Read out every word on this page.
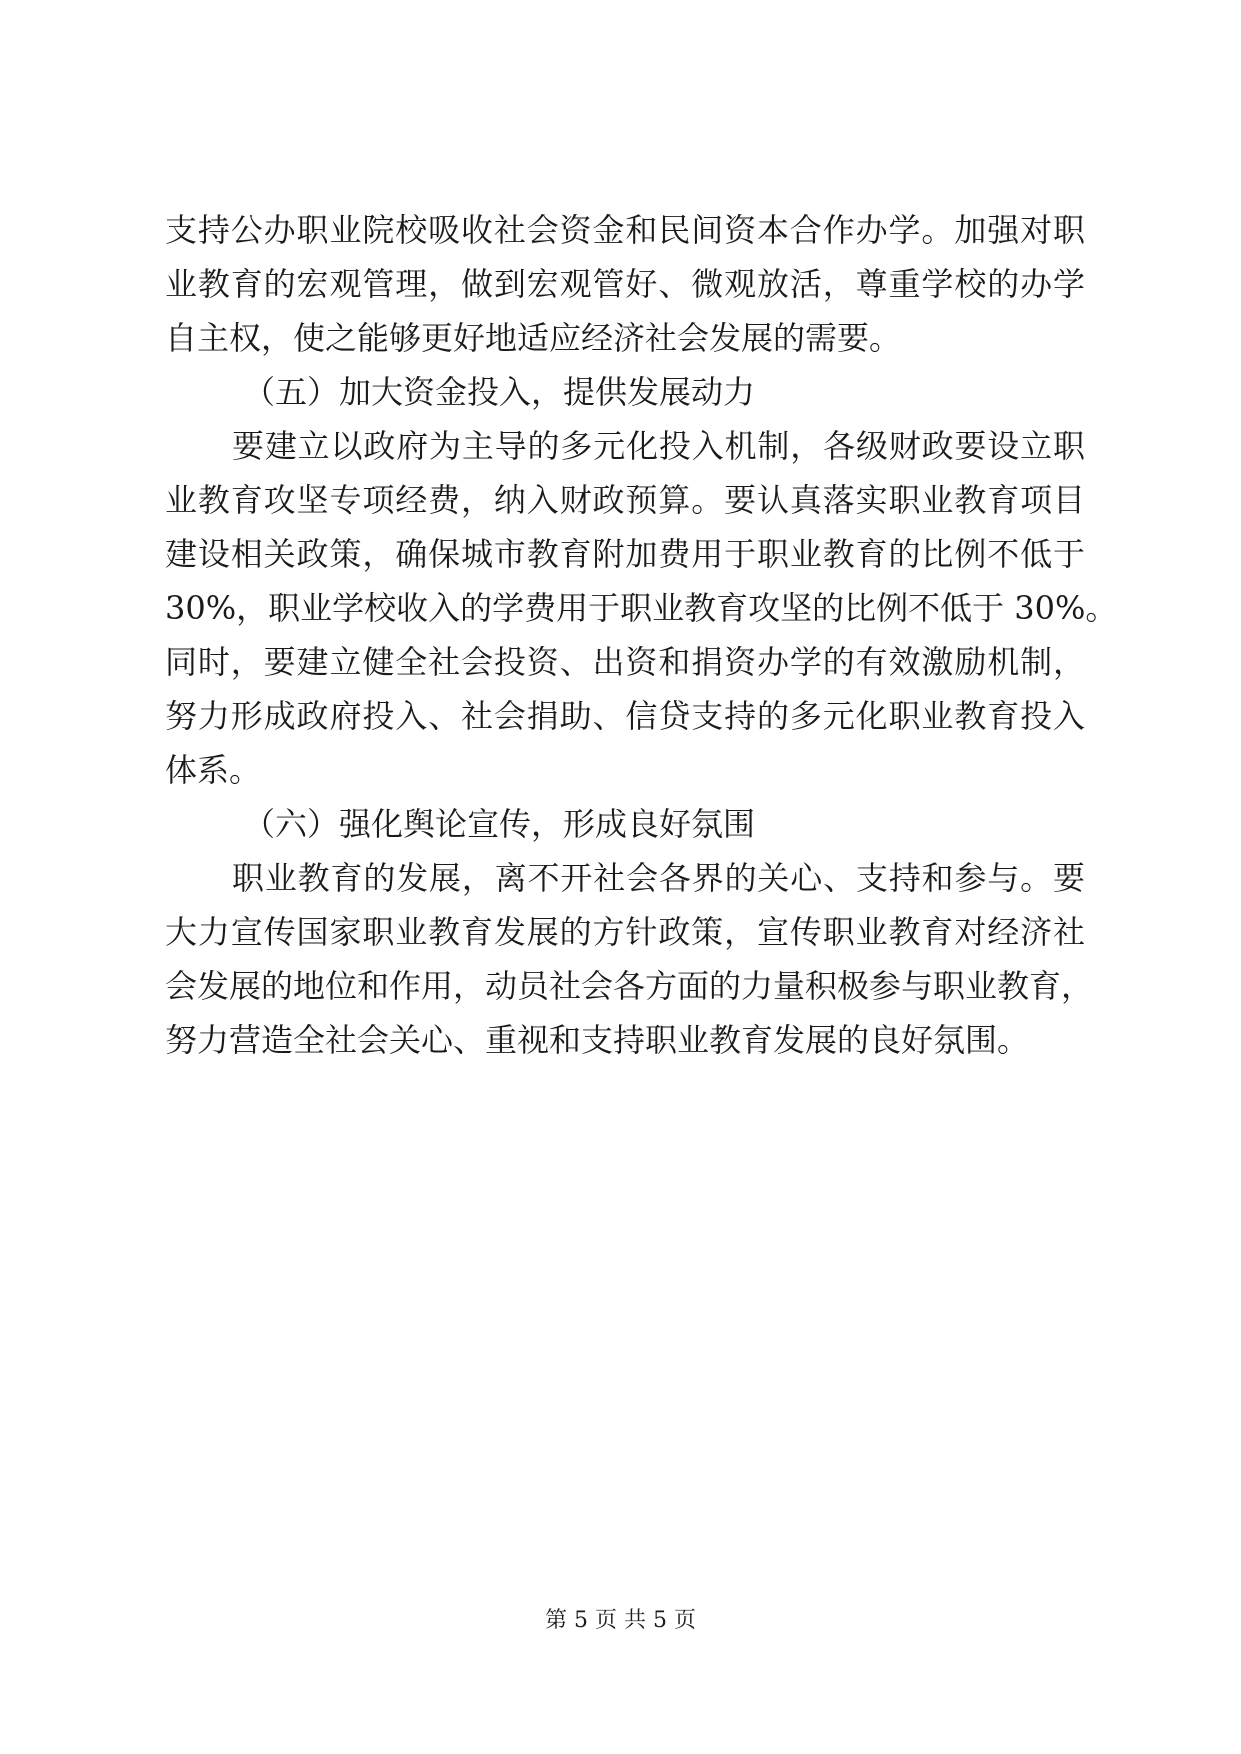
支持公办职业院校吸收社会资金和民间资本合作办学。加强对职
业教育的宏观管理，做到宏观管好、微观放活，尊重学校的办学
自主权，使之能够更好地适应经济社会发展的需要。
（五）加大资金投入，提供发展动力
要建立以政府为主导的多元化投入机制，各级财政要设立职
业教育攻坚专项经费，纳入财政预算。要认真落实职业教育项目
建设相关政策，确保城市教育附加费用于职业教育的比例不低于
30%，职业学校收入的学费用于职业教育攻坚的比例不低于 30%。
同时，要建立健全社会投资、出资和捐资办学的有效激励机制，
努力形成政府投入、社会捐助、信贷支持的多元化职业教育投入
体系。
（六）强化舆论宣传，形成良好氛围
职业教育的发展，离不开社会各界的关心、支持和参与。要
大力宣传国家职业教育发展的方针政策，宣传职业教育对经济社
会发展的地位和作用，动员社会各方面的力量积极参与职业教育，
努力营造全社会关心、重视和支持职业教育发展的良好氛围。
第 5 页 共 5 页
